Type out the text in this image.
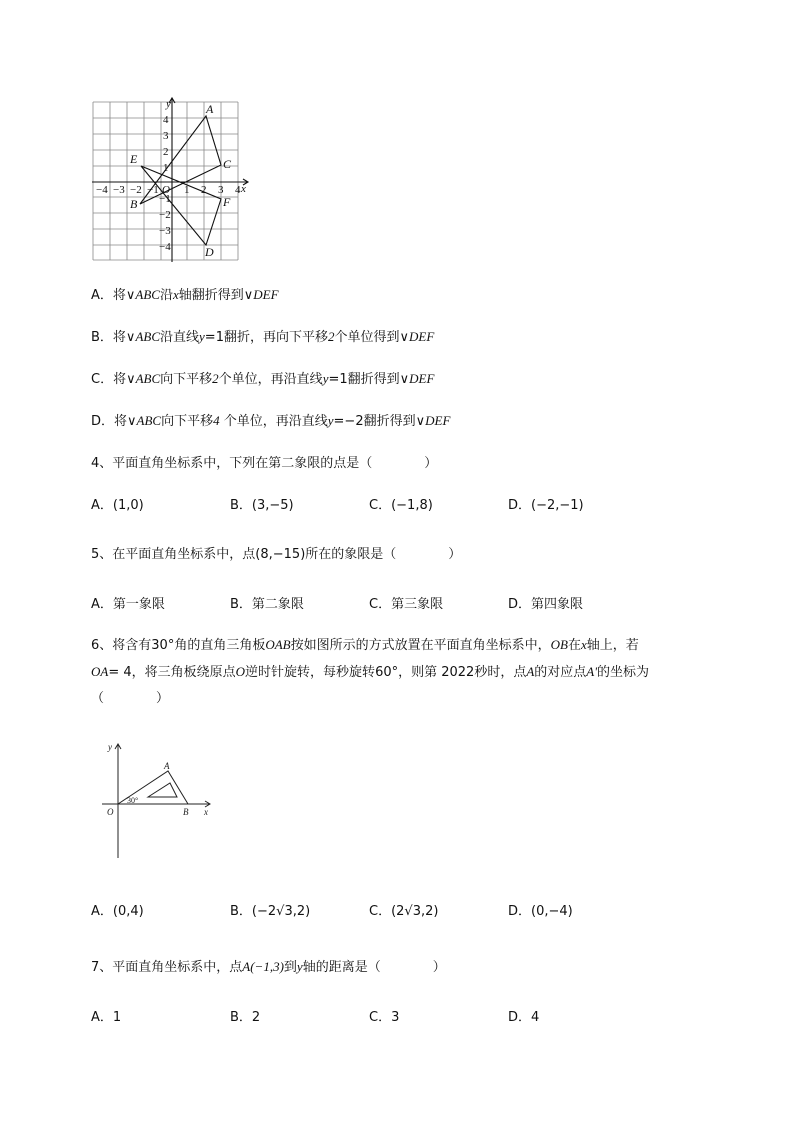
y
x
−4 −3 −2 −1 O 1 2 3 4
4
3
2
1
−1
−2
−3
−4
A
B
C
D
E
F
A．将∨ABC沿x轴翻折得到∨DEF
B．将∨ABC沿直线y=1翻折，再向下平移2个单位得到∨DEF
C．将∨ABC向下平移2个单位，再沿直线y=1翻折得到∨DEF
D．将∨ABC向下平移4 个单位，再沿直线y=−2翻折得到∨DEF
4、平面直角坐标系中，下列在第二象限的点是（　　　　）
A．(1,0)	B．(3,−5)	C．(−1,8)	D．(−2,−1)
5、在平面直角坐标系中，点(8,−15)所在的象限是（　　　　）
A．第一象限	B．第二象限	C．第三象限	D．第四象限
6、将含有30°角的直角三角板OAB按如图所示的方式放置在平面直角坐标系中，OB在x轴上，若
OA= 4，将三角板绕原点O逆时针旋转，每秒旋转60°，则第 2022秒时，点A的对应点A'的坐标为
（　　　　）
y
x
O
A
B
30°
A．(0,4)	B．(−2√3,2)	C．(2√3,2)	D．(0,−4)
7、平面直角坐标系中，点A(−1,3)到y轴的距离是（　　　　）
A．1	B．2	C．3	D．4
